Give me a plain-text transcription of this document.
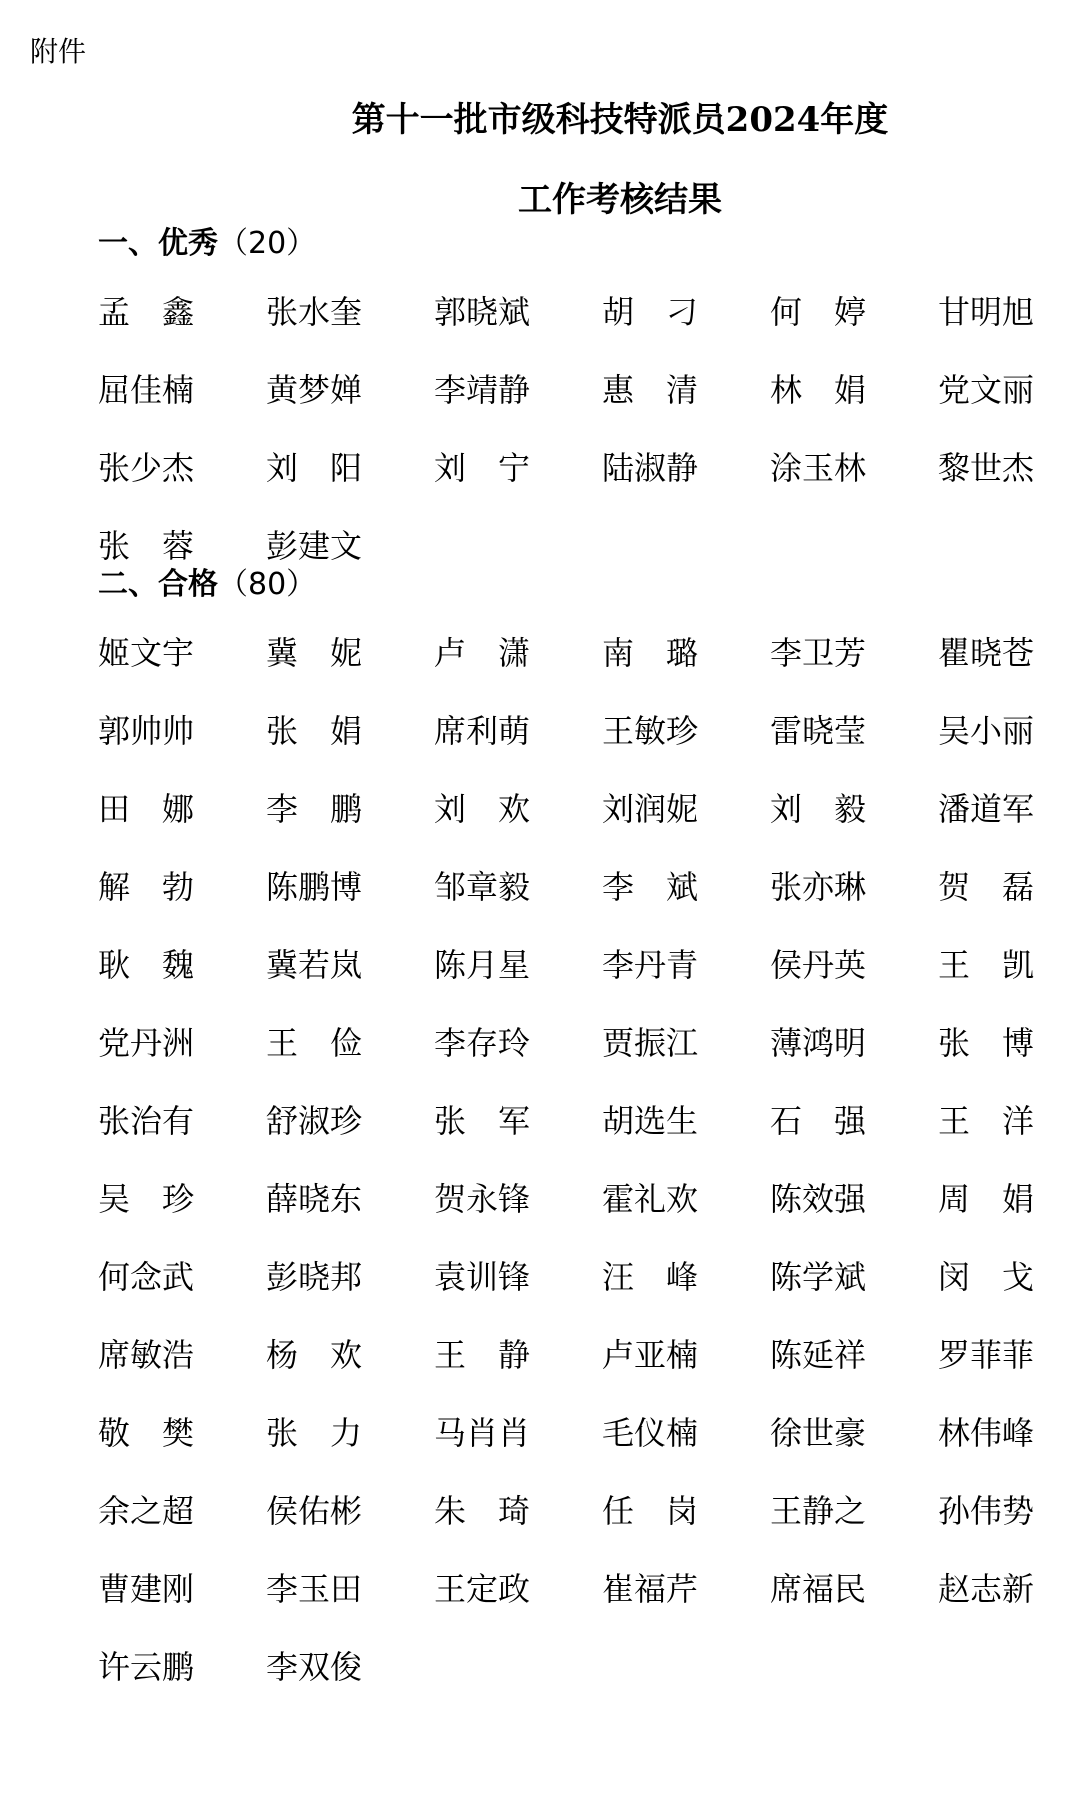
附件
第十一批市级科技特派员2024年度
工作考核结果
一、优秀（20）
孟 鑫 张 水 奎 郭 晓 斌 胡 刁 何 婷 甘 明 旭
屈 佳 楠 黄 梦 婵 李 靖 静 惠 清 林 娟 党 文 丽
张 少 杰 刘 阳 刘 宁 陆 淑 静 涂 玉 林 黎 世 杰
张 蓉 彭 建 文
二、合格（80）
姬 文 宇 冀 妮 卢 潇 南 璐 李 卫 芳 瞿 晓 苍
郭 帅 帅 张 娟 席 利 萌 王 敏 珍 雷 晓 莹 吴 小 丽
田 娜 李 鹏 刘 欢 刘 润 妮 刘 毅 潘 道 军
解 勃 陈 鹏 博 邹 章 毅 李 斌 张 亦 琳 贺 磊
耿 魏 冀 若 岚 陈 月 星 李 丹 青 侯 丹 英 王 凯
党 丹 洲 王 俭 李 存 玲 贾 振 江 薄 鸿 明 张 博
张 治 有 舒 淑 珍 张 军 胡 选 生 石 强 王 洋
吴 珍 薛 晓 东 贺 永 锋 霍 礼 欢 陈 效 强 周 娟
何 念 武 彭 晓 邦 袁 训 锋 汪 峰 陈 学 斌 闵 戈
席 敏 浩 杨 欢 王 静 卢 亚 楠 陈 延 祥 罗 菲 菲
敬 樊 张 力 马 肖 肖 毛 仪 楠 徐 世 豪 林 伟 峰
余 之 超 侯 佑 彬 朱 琦 任 岗 王 静 之 孙 伟 势
曹 建 刚 李 玉 田 王 定 政 崔 福 芹 席 福 民 赵 志 新
许 云 鹏 李 双 俊
